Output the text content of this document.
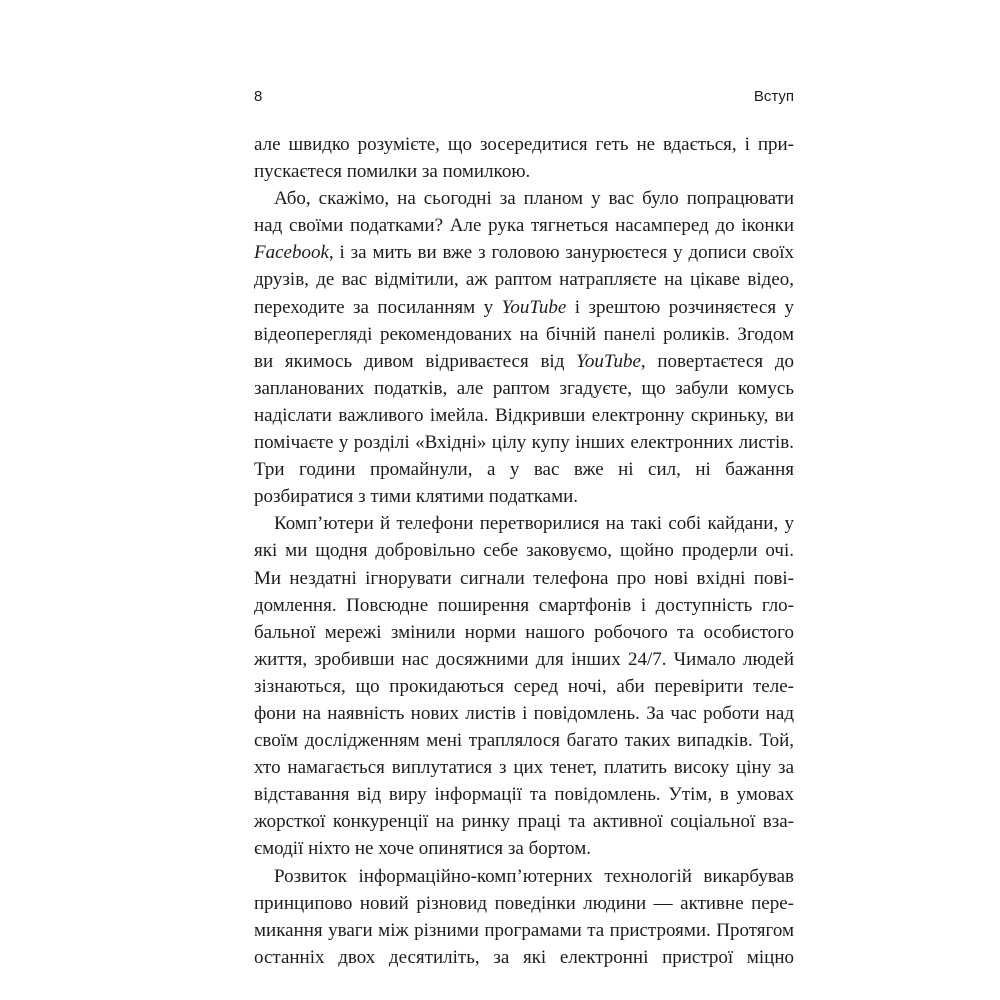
8	Вступ

але швидко розумієте, що зосередитися геть не вдається, і припускаєтеся помилки за помилкою.

Або, скажімо, на сьогодні за планом у вас було попрацювати над своїми податками? Але рука тягнеться насамперед до іконки Facebook, і за мить ви вже з головою занурюєтеся у дописи своїх друзів, де вас відмітили, аж раптом натрапляєте на цікаве відео, переходите за посиланням у YouTube і зрештою розчиняєтеся у відеоперегляді рекомендованих на бічній панелі роликів. Згодом ви якимось дивом відриваєтеся від YouTube, повертаєтеся до запланованих податків, але раптом згадуєте, що забули комусь надіслати важливого імейла. Відкривши електронну скриньку, ви помічаєте у розділі «Вхідні» цілу купу інших електронних листів. Три години промайнули, а у вас вже ні сил, ні бажання розбиратися з тими клятими податками.

Комп’ютери й телефони перетворилися на такі собі кайдани, у які ми щодня добровільно себе заковуємо, щойно продерли очі. Ми нездатні ігнорувати сигнали телефона про нові вхідні повідомлення. Повсюдне поширення смартфонів і доступність глобальної мережі змінили норми нашого робочого та особистого життя, зробивши нас досяжними для інших 24/7. Чимало людей зізнаються, що прокидаються серед ночі, аби перевірити телефони на наявність нових листів і повідомлень. За час роботи над своїм дослідженням мені траплялося багато таких випадків. Той, хто намагається виплутатися з цих тенет, платить високу ціну за відставання від виру інформації та повідомлень. Утім, в умовах жорсткої конкуренції на ринку праці та активної соціальної взаємодії ніхто не хоче опинятися за бортом.

Розвиток інформаційно-комп’ютерних технологій викарбував принципово новий різновид поведінки людини — активне перемикання уваги між різними програмами та пристроями. Протягом останніх двох десятиліть, за які електронні пристрої міцно
